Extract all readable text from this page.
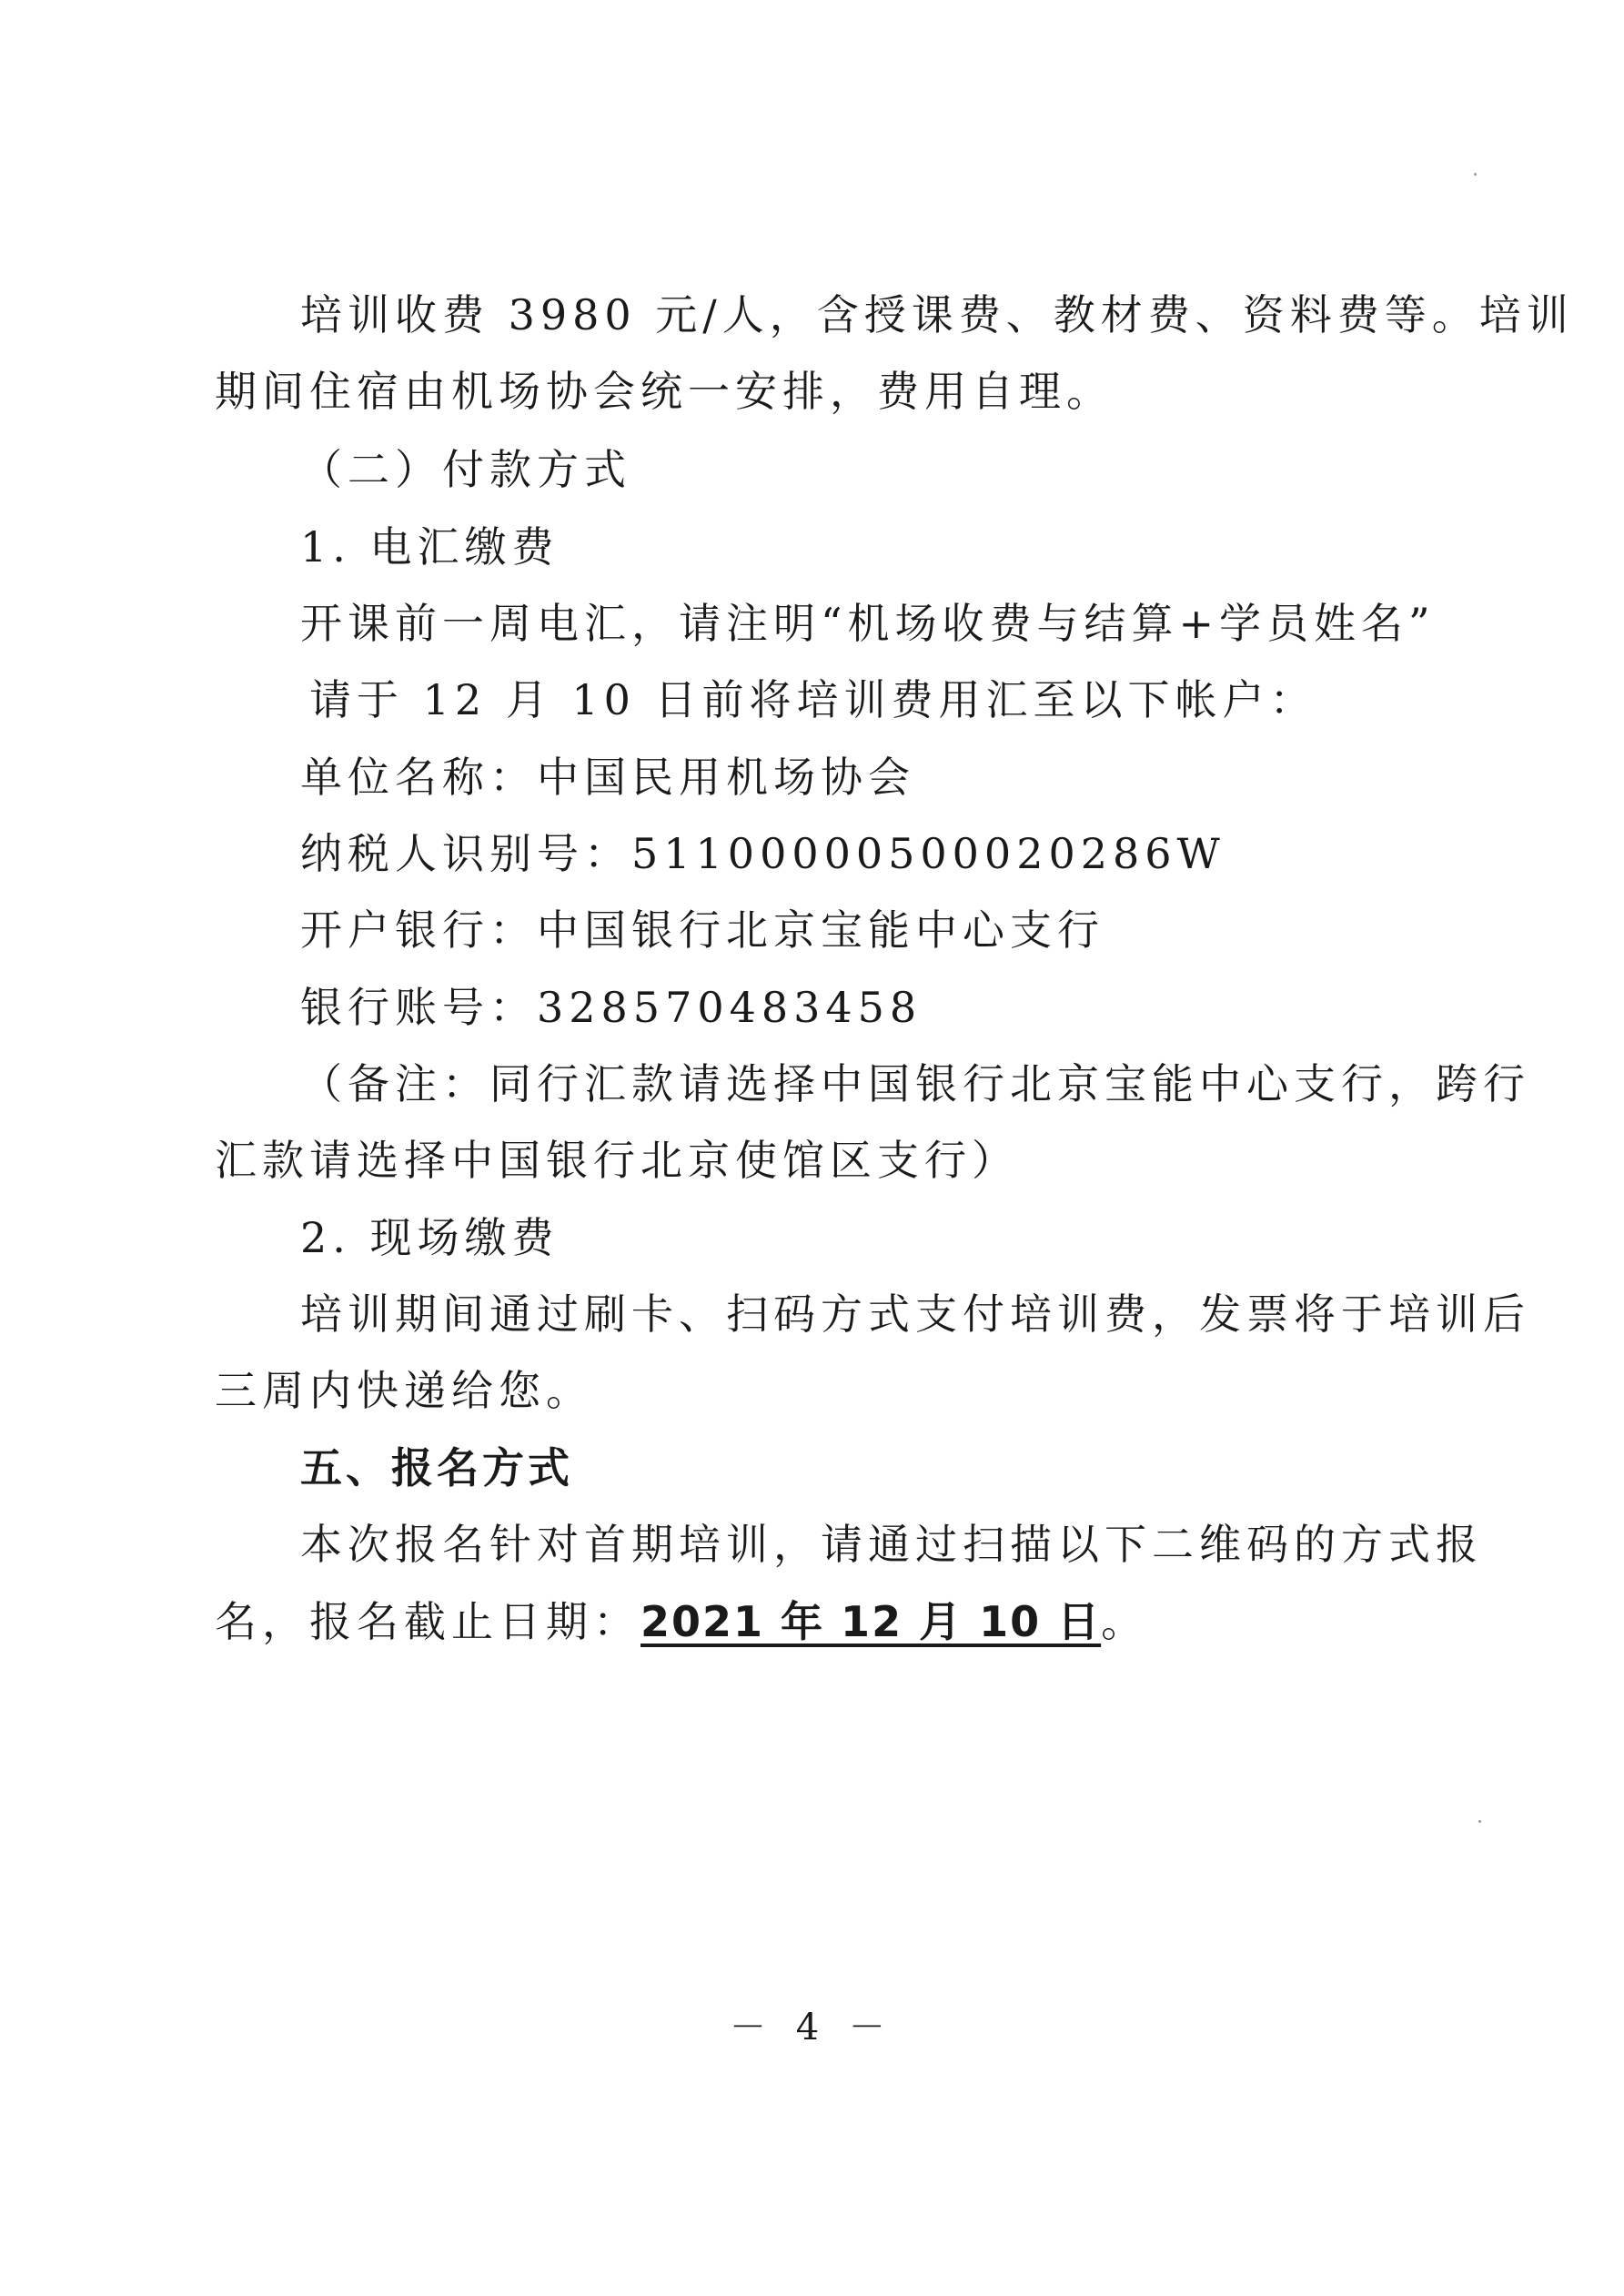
培训收费 3980 元/人，含授课费、教材费、资料费等。培训
期间住宿由机场协会统一安排，费用自理。
（二）付款方式
1. 电汇缴费
开课前一周电汇，请注明“机场收费与结算+学员姓名”
请于 12 月 10 日前将培训费用汇至以下帐户：
单位名称：中国民用机场协会
纳税人识别号：51100000500020286W
开户银行：中国银行北京宝能中心支行
银行账号：328570483458
（备注：同行汇款请选择中国银行北京宝能中心支行，跨行
汇款请选择中国银行北京使馆区支行）
2. 现场缴费
培训期间通过刷卡、扫码方式支付培训费，发票将于培训后
三周内快递给您。
五、报名方式
本次报名针对首期培训，请通过扫描以下二维码的方式报
名，报名截止日期：2021 年 12 月 10 日。
－ 4 －
